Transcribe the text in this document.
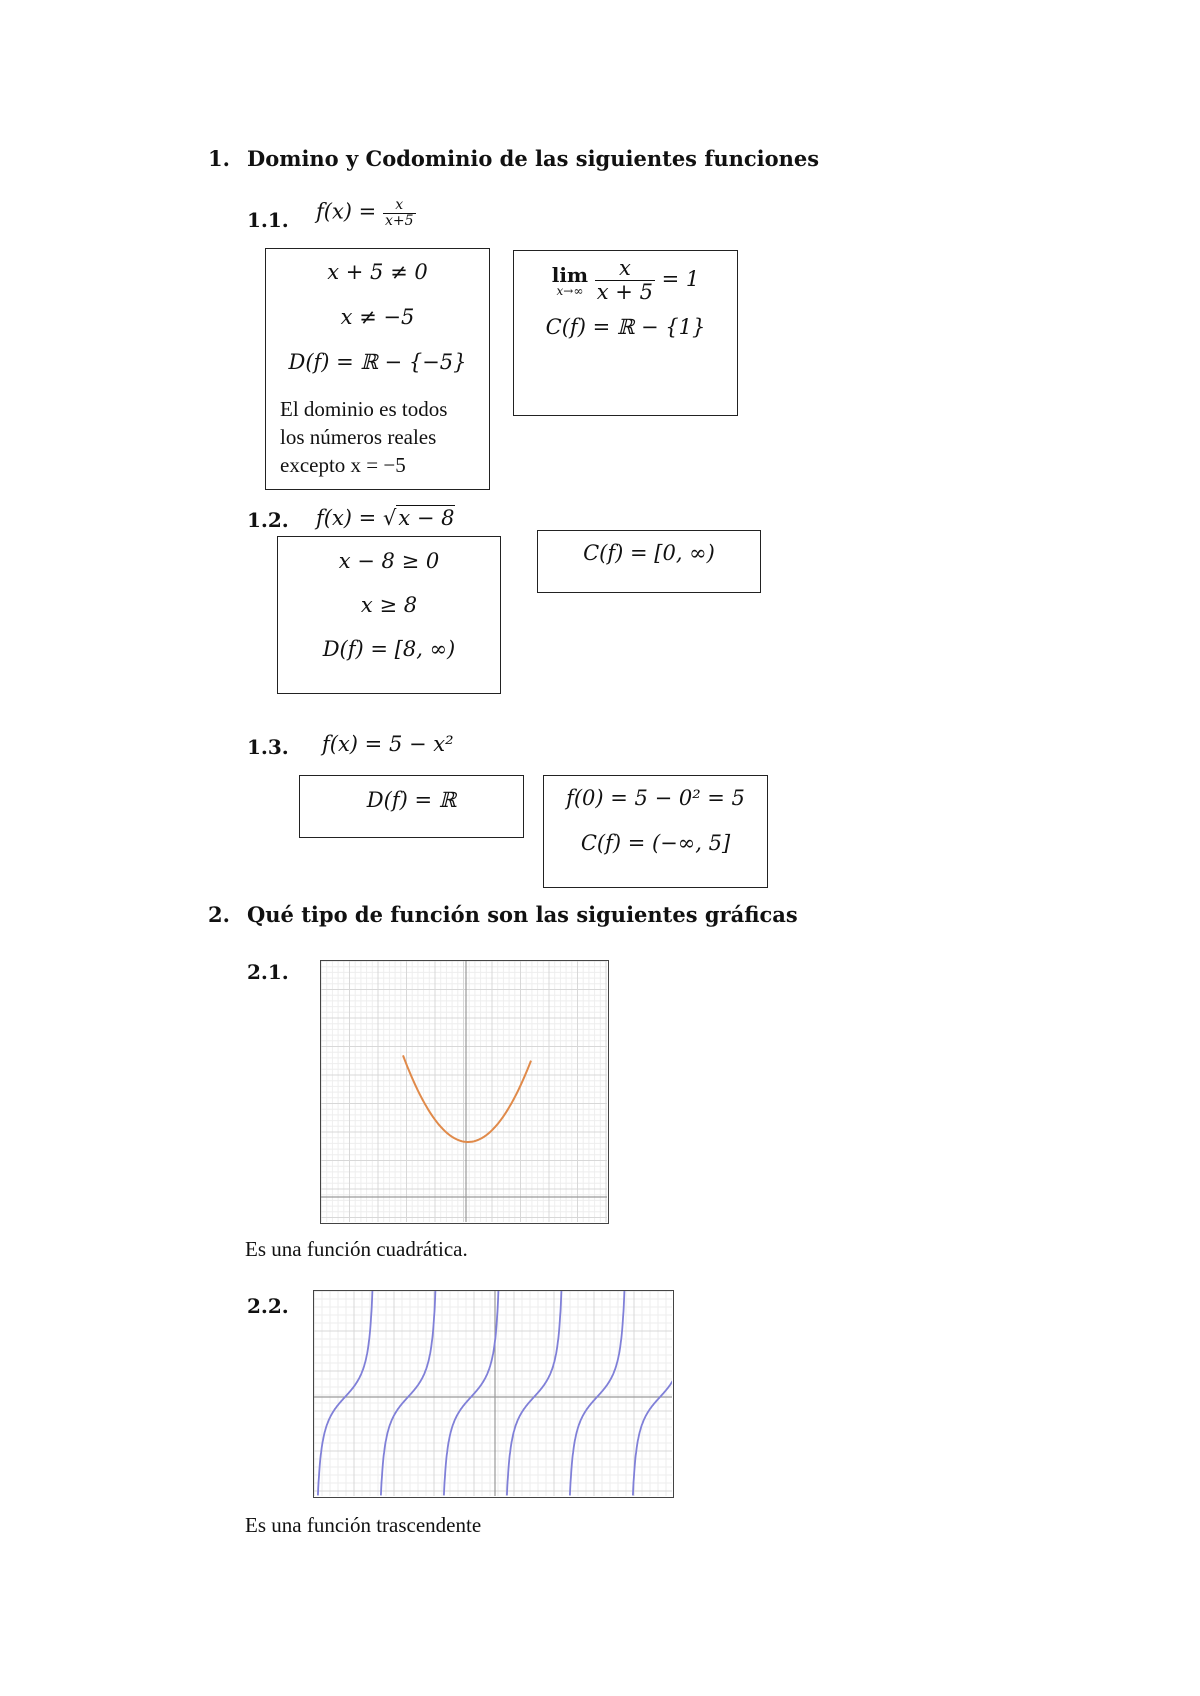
1. Domino y Codominio de las siguientes funciones
1.1. $f(x) = \frac{x}{x+5}$
x + 5 ≠ 0
x ≠ −5
D(f) = ℝ − {−5}
El dominio es todos
los números reales
excepto x = −5
lim
x→∞
$\frac{x}{x + 5} = 1$
C(f) = ℝ − {1}
1.2. f(x) = √x − 8
x − 8 ≥ 0
x ≥ 8
D(f) = [8, ∞)
C(f) = [0, ∞)
1.3. f(x) = 5 − x²
D(f) = ℝ	f(0) = 5 − 0² = 5
C(f) = (−∞, 5]
2. Qué tipo de función son las siguientes gráficas
2.1.
Es una función cuadrática.
2.2.
Es una función trascendente
